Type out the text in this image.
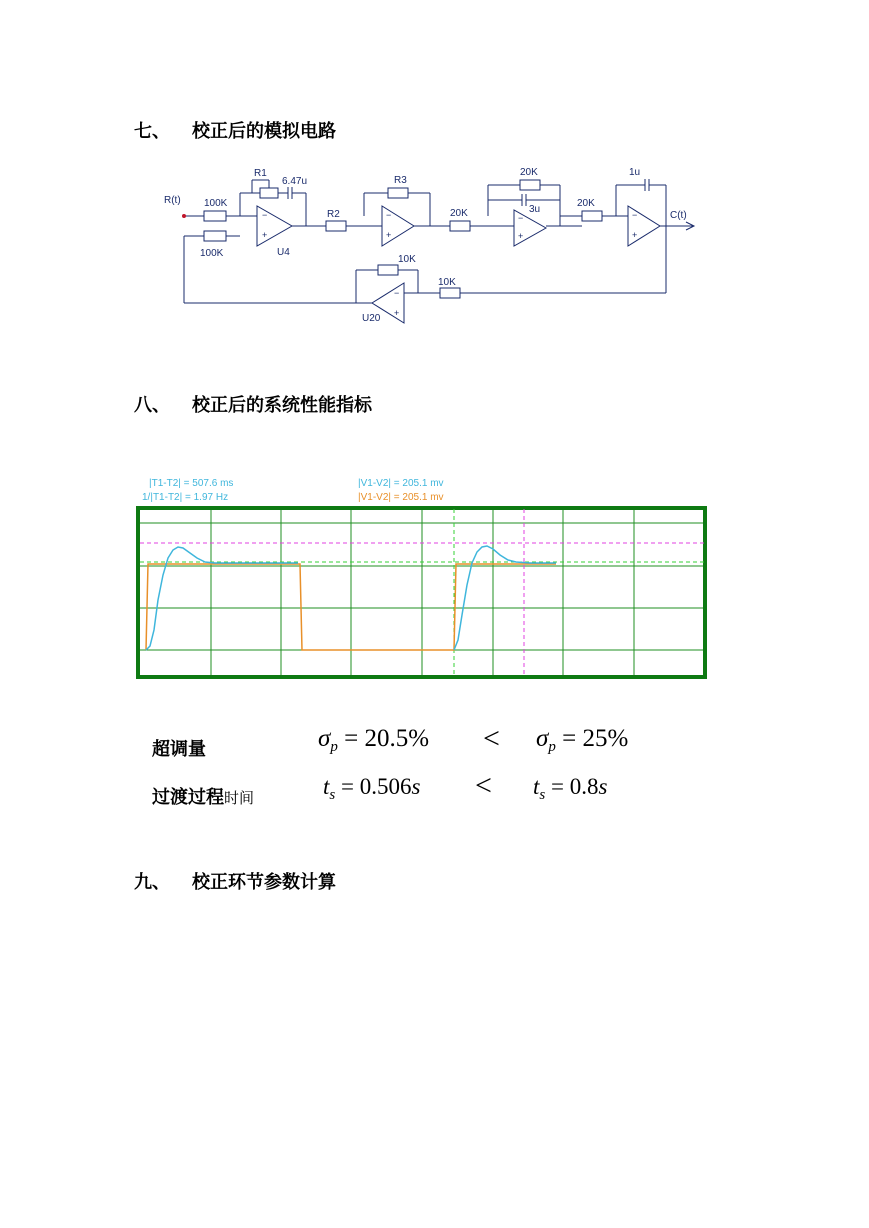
七、 校正后的模拟电路
八、 校正后的系统性能指标
九、 校正环节参数计算
R(t) 100K
100K
R1
6.47u
U4
R2
R3
20K
20K
3u
20K
1u
C(t)
10K
10K
U20
−
+
−
+
−
+
−
+
−
+
|T1-T2| = 507.6 ms
1/|T1-T2| = 1.97 Hz
|V1-V2| = 205.1 mv
|V1-V2| = 205.1 mv
超调量
过渡过程时间
$\sigma_p = 20.5\% < \sigma_p = 25\%$
$t_s = 0.506s < t_s = 0.8s$
